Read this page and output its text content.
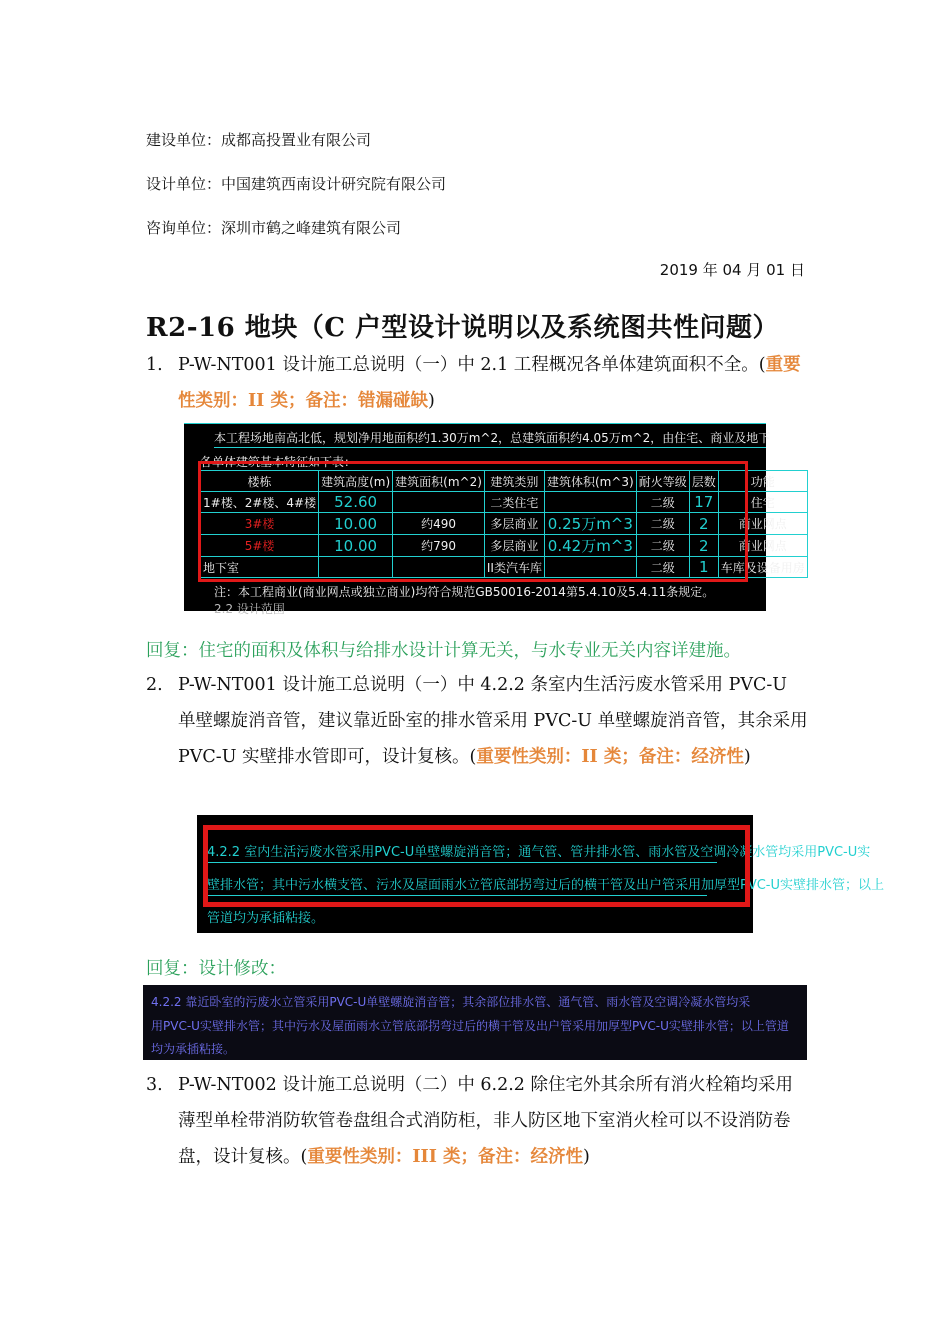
建设单位：成都高投置业有限公司
设计单位：中国建筑西南设计研究院有限公司
咨询单位：深圳市鹤之峰建筑有限公司
2019 年 04 月 01 日
R2-16 地块（C 户型设计说明以及系统图共性问题）
1. P-W-NT001 设计施工总说明（一）中 2.1 工程概况各单体建筑面积不全。(重要性类别：II 类；备注：错漏碰缺)
本工程场地南高北低，规划净用地面积约1.30万m^2，总建筑面积约4.05万m^2，由住宅、商业及地下
各单体建筑基本特征如下表：
楼栋	建筑高度(m)	建筑面积(m^2)	建筑类别	建筑体积(m^3)	耐火等级	层数	功能
1#楼、2#楼、4#楼	52.60		二类住宅		二级	17	住宅
3#楼	10.00	约490	多层商业	0.25万m^3	二级	2	商业网点
5#楼	10.00	约790	多层商业	0.42万m^3	二级	2	商业网点
地下室			II类汽车库		二级	1	车库及设备用房
注：本工程商业(商业网点或独立商业)均符合规范GB50016-2014第5.4.10及5.4.11条规定。
2.2 设计范围
回复：住宅的面积及体积与给排水设计计算无关，与水专业无关内容详建施。
2. P-W-NT001 设计施工总说明（一）中 4.2.2 条室内生活污废水管采用 PVC-U 单壁螺旋消音管，建议靠近卧室的排水管采用 PVC-U 单壁螺旋消音管，其余采用 PVC-U 实壁排水管即可，设计复核。(重要性类别：II 类；备注：经济性)
4.2.2 室内生活污废水管采用PVC-U单壁螺旋消音管；通气管、管井排水管、雨水管及空调冷凝水管均采用PVC-U实
壁排水管；其中污水横支管、污水及屋面雨水立管底部拐弯过后的横干管及出户管采用加厚型PVC-U实壁排水管；以上
管道均为承插粘接。
回复：设计修改：
4.2.2 靠近卧室的污废水立管采用PVC-U单壁螺旋消音管；其余部位排水管、通气管、雨水管及空调冷凝水管均采
用PVC-U实壁排水管；其中污水及屋面雨水立管底部拐弯过后的横干管及出户管采用加厚型PVC-U实壁排水管；以上管道
均为承插粘接。
3. P-W-NT002 设计施工总说明（二）中 6.2.2 除住宅外其余所有消火栓箱均采用薄型单栓带消防软管卷盘组合式消防柜，非人防区地下室消火栓可以不设消防卷盘，设计复核。(重要性类别：III 类；备注：经济性)
